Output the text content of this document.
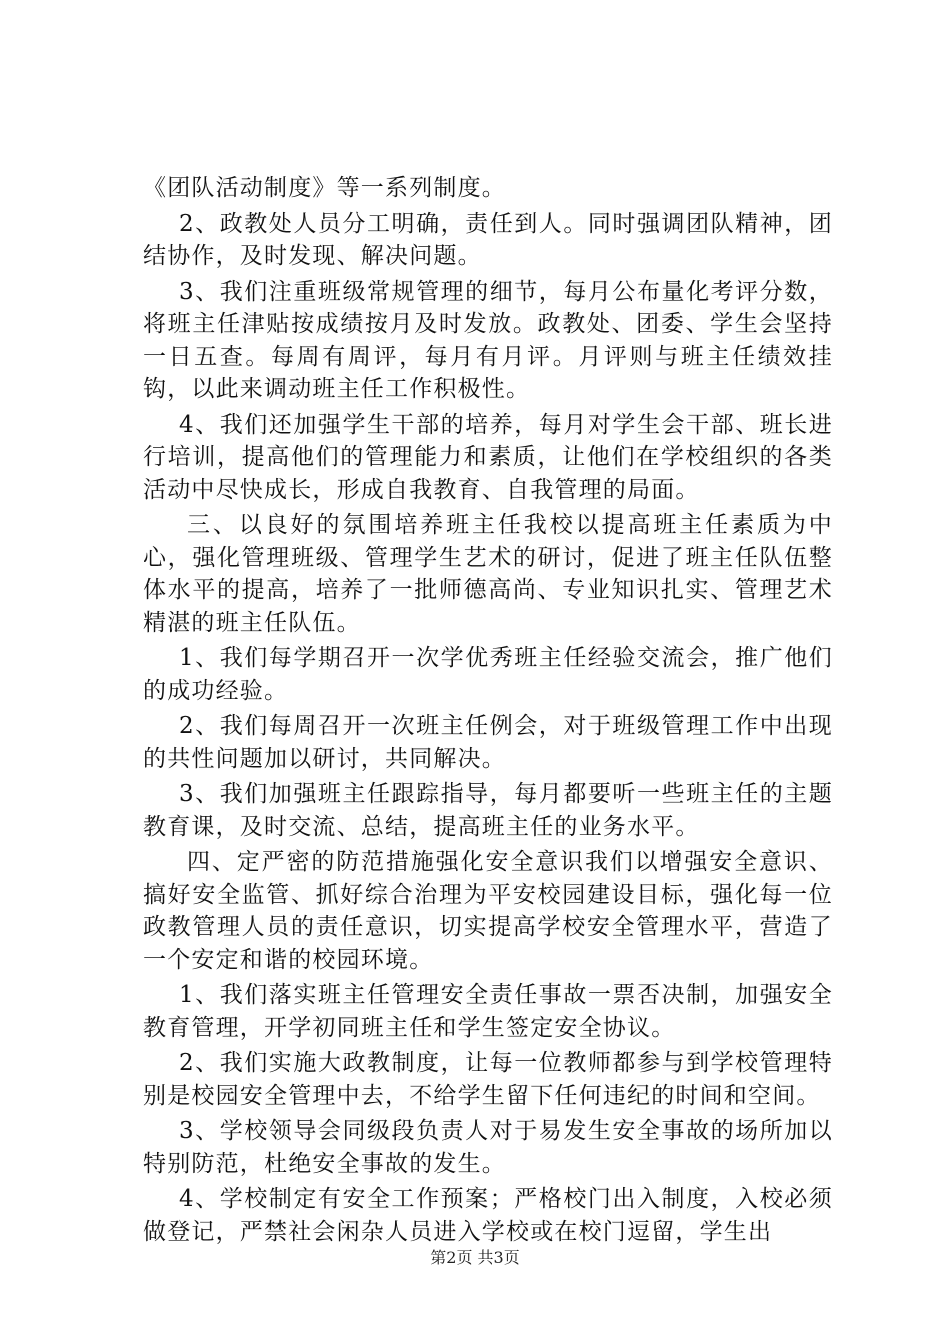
《团队活动制度》等一系列制度。

2、政教处人员分工明确，责任到人。同时强调团队精神，团结协作，及时发现、解决问题。

3、我们注重班级常规管理的细节，每月公布量化考评分数，将班主任津贴按成绩按月及时发放。政教处、团委、学生会坚持一日五查。每周有周评，每月有月评。月评则与班主任绩效挂钩，以此来调动班主任工作积极性。

4、我们还加强学生干部的培养，每月对学生会干部、班长进行培训，提高他们的管理能力和素质，让他们在学校组织的各类活动中尽快成长，形成自我教育、自我管理的局面。

三、以良好的氛围培养班主任我校以提高班主任素质为中心，强化管理班级、管理学生艺术的研讨，促进了班主任队伍整体水平的提高，培养了一批师德高尚、专业知识扎实、管理艺术精湛的班主任队伍。

1、我们每学期召开一次学优秀班主任经验交流会，推广他们的成功经验。

2、我们每周召开一次班主任例会，对于班级管理工作中出现的共性问题加以研讨，共同解决。

3、我们加强班主任跟踪指导，每月都要听一些班主任的主题教育课，及时交流、总结，提高班主任的业务水平。

四、定严密的防范措施强化安全意识我们以增强安全意识、搞好安全监管、抓好综合治理为平安校园建设目标，强化每一位政教管理人员的责任意识，切实提高学校安全管理水平，营造了一个安定和谐的校园环境。

1、我们落实班主任管理安全责任事故一票否决制，加强安全教育管理，开学初同班主任和学生签定安全协议。

2、我们实施大政教制度，让每一位教师都参与到学校管理特别是校园安全管理中去，不给学生留下任何违纪的时间和空间。

3、学校领导会同级段负责人对于易发生安全事故的场所加以特别防范，杜绝安全事故的发生。

4、学校制定有安全工作预案；严格校门出入制度，入校必须做登记，严禁社会闲杂人员进入学校或在校门逗留，学生出

第2页 共3页
